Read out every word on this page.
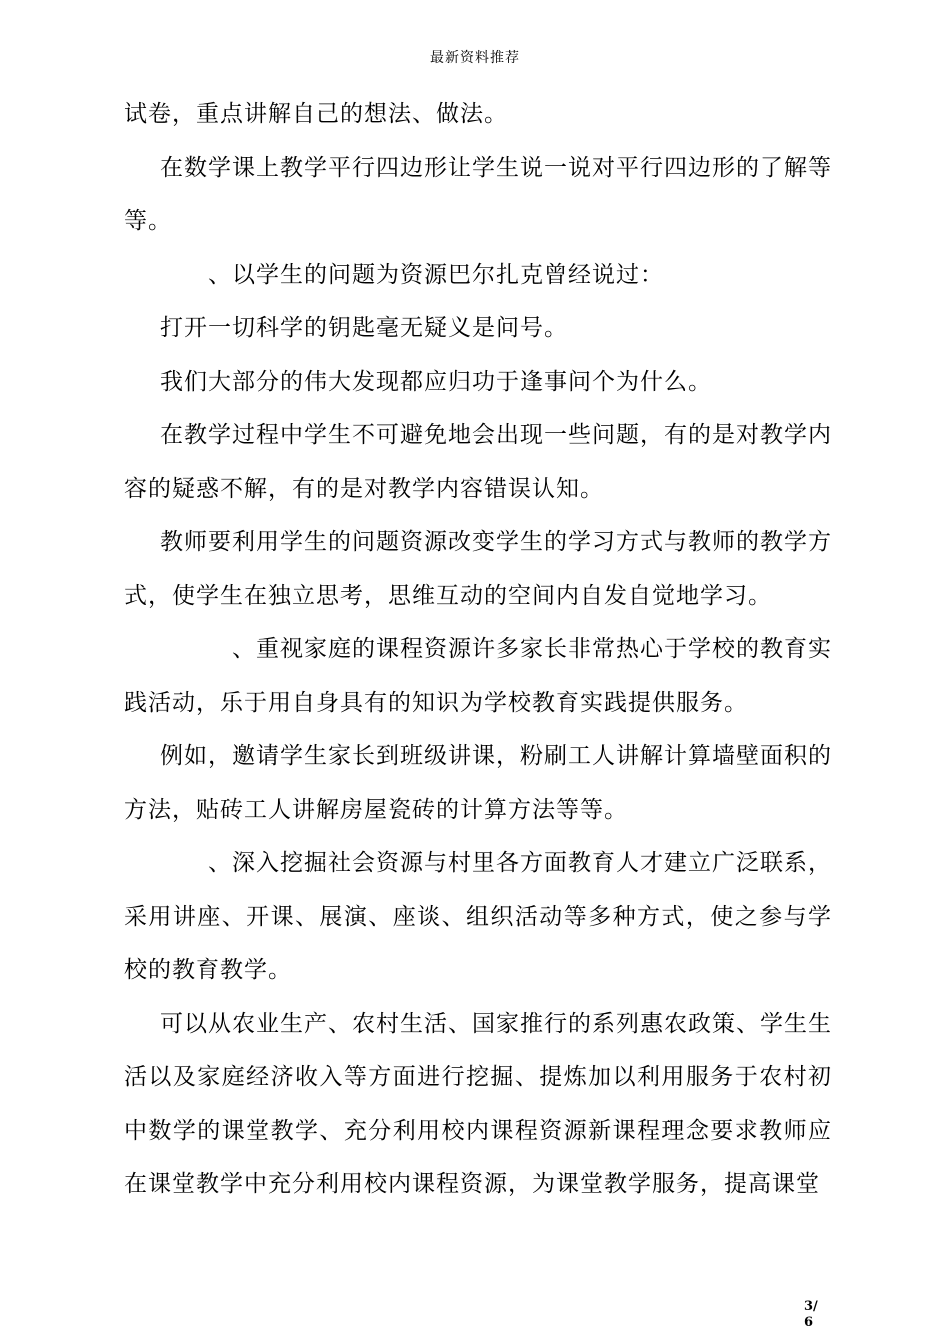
最新资料推荐

试卷，重点讲解自己的想法、做法。

在数学课上教学平行四边形让学生说一说对平行四边形的了解等等。

、以学生的问题为资源巴尔扎克曾经说过：

打开一切科学的钥匙毫无疑义是问号。

我们大部分的伟大发现都应归功于逢事问个为什么。

在教学过程中学生不可避免地会出现一些问题，有的是对教学内容的疑惑不解，有的是对教学内容错误认知。

教师要利用学生的问题资源改变学生的学习方式与教师的教学方式，使学生在独立思考，思维互动的空间内自发自觉地学习。

、重视家庭的课程资源许多家长非常热心于学校的教育实践活动，乐于用自身具有的知识为学校教育实践提供服务。

例如，邀请学生家长到班级讲课，粉刷工人讲解计算墙壁面积的方法，贴砖工人讲解房屋瓷砖的计算方法等等。

、深入挖掘社会资源与村里各方面教育人才建立广泛联系，采用讲座、开课、展演、座谈、组织活动等多种方式，使之参与学校的教育教学。

可以从农业生产、农村生活、国家推行的系列惠农政策、学生生活以及家庭经济收入等方面进行挖掘、提炼加以利用服务于农村初中数学的课堂教学、充分利用校内课程资源新课程理念要求教师应在课堂教学中充分利用校内课程资源，为课堂教学服务，提高课堂

3/6
